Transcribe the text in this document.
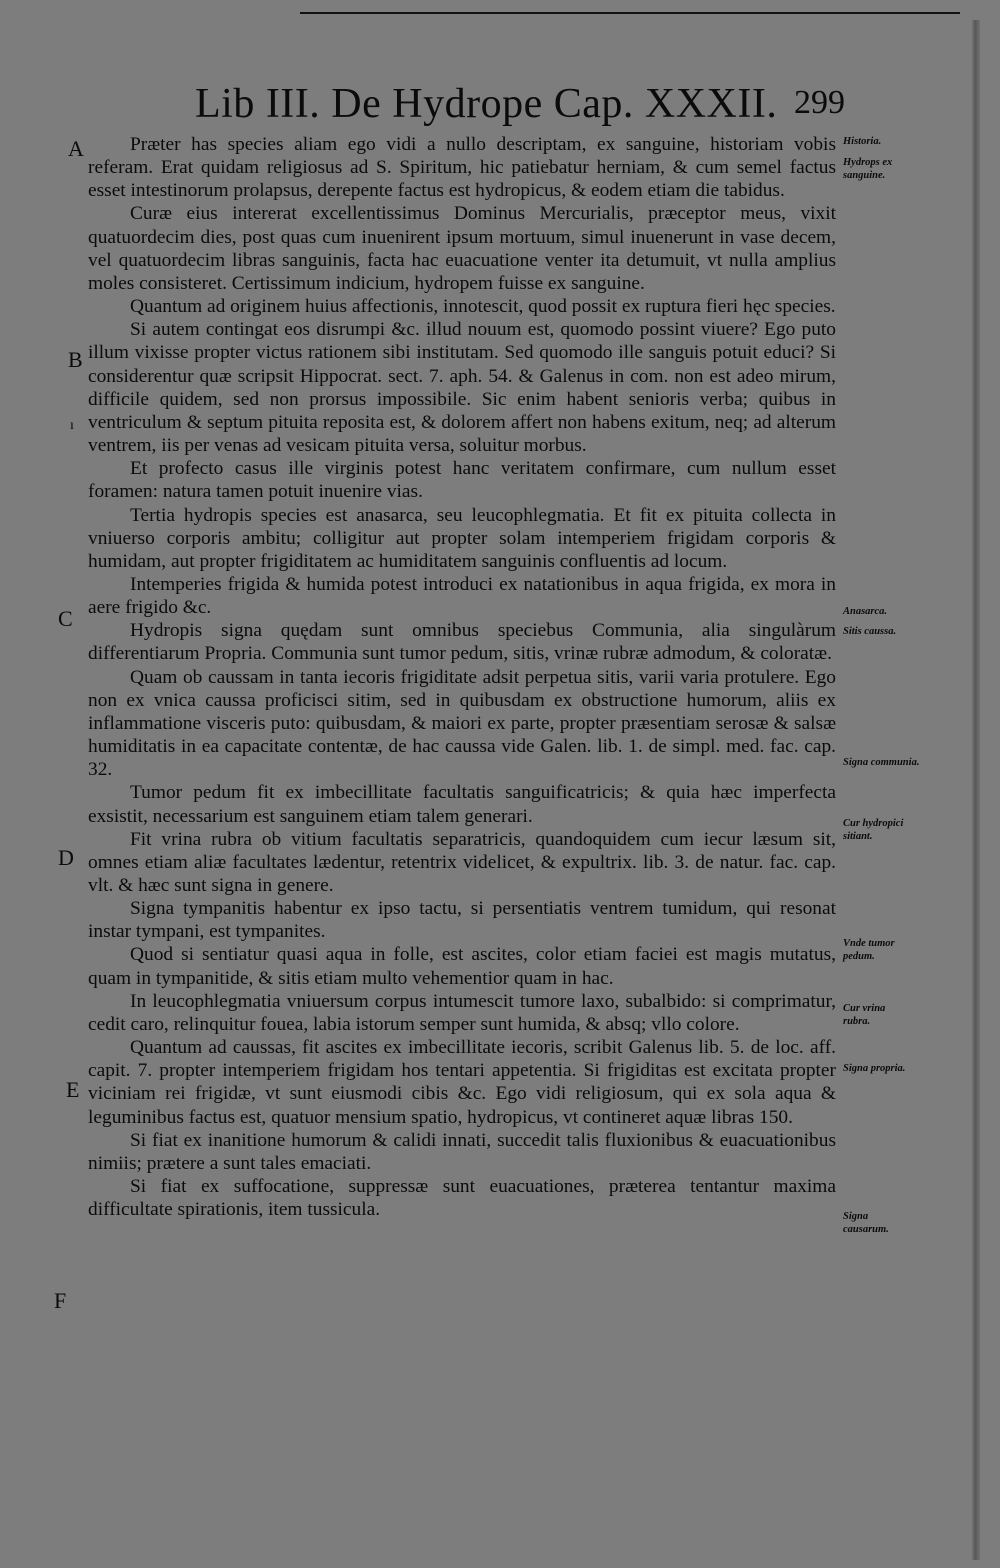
Lib III. De Hydrope Cap. XXXII. 299
A
B
C
D
E
F
ı
Historia.
Hydrops ex sanguine.
Anasarca.
Sitis caussa.
Signa communia.
Cur hydropici sitiant.
Vnde tumor pedum.
Cur vrina rubra.
Signa propria.
Signa causarum.

Præter has species aliam ego vidi a nullo descriptam, ex sanguine, historiam vobis referam. Erat quidam religiosus ad S. Spiritum, hic patiebatur herniam, & cum semel factus esset intestinorum prolapsus, derepente factus est hydropicus, & eodem etiam die tabidus.

Curæ eius intererat excellentissimus Dominus Mercurialis, præceptor meus, vixit quatuordecim dies, post quas cum inuenirent ipsum mortuum, simul inuenerunt in vase decem, vel quatuordecim libras sanguinis, facta hac euacuatione venter ita detumuit, vt nulla amplius moles consisteret. Certissimum indicium, hydropem fuisse ex sanguine.

Quantum ad originem huius affectionis, innotescit, quod possit ex ruptura fieri hęc species.

Si autem contingat eos disrumpi &c. illud nouum est, quomodo possint viuere? Ego puto illum vixisse propter victus rationem sibi institutam. Sed quomodo ille sanguis potuit educi? Si considerentur quæ scripsit Hippocrat. sect. 7. aph. 54. & Galenus in com. non est adeo mirum, difficile quidem, sed non prorsus impossibile. Sic enim habent senioris verba; quibus in ventriculum & septum pituita reposita est, & dolorem affert non habens exitum, neq; ad alterum ventrem, iis per venas ad vesicam pituita versa, soluitur morbus.

Et profecto casus ille virginis potest hanc veritatem confirmare, cum nullum esset foramen: natura tamen potuit inuenire vias.

Tertia hydropis species est anasarca, seu leucophlegmatia. Et fit ex pituita collecta in vniuerso corporis ambitu; colligitur aut propter solam intemperiem frigidam corporis & humidam, aut propter frigiditatem ac humiditatem sanguinis confluentis ad locum.

Intemperies frigida & humida potest introduci ex natationibus in aqua frigida, ex mora in aere frigido &c.

Hydropis signa quędam sunt omnibus speciebus Communia, alia singulàrum differentiarum Propria. Communia sunt tumor pedum, sitis, vrinæ rubræ admodum, & coloratæ.

Quam ob caussam in tanta iecoris frigiditate adsit perpetua sitis, varii varia protulere. Ego non ex vnica caussa proficisci sitim, sed in quibusdam ex obstructione humorum, aliis ex inflammatione visceris puto: quibusdam, & maiori ex parte, propter præsentiam serosæ & salsæ humiditatis in ea capacitate contentæ, de hac caussa vide Galen. lib. 1. de simpl. med. fac. cap. 32.

Tumor pedum fit ex imbecillitate facultatis sanguificatricis; & quia hæc imperfecta exsistit, necessarium est sanguinem etiam talem generari.

Fit vrina rubra ob vitium facultatis separatricis, quandoquidem cum iecur læsum sit, omnes etiam aliæ facultates lædentur, retentrix videlicet, & expultrix. lib. 3. de natur. fac. cap. vlt. & hæc sunt signa in genere.

Signa tympanitis habentur ex ipso tactu, si persentiatis ventrem tumidum, qui resonat instar tympani, est tympanites.

Quod si sentiatur quasi aqua in folle, est ascites, color etiam faciei est magis mutatus, quam in tympanitide, & sitis etiam multo vehementior quam in hac.

In leucophlegmatia vniuersum corpus intumescit tumore laxo, subalbido: si comprimatur, cedit caro, relinquitur fouea, labia istorum semper sunt humida, & absq; vllo colore.

Quantum ad caussas, fit ascites ex imbecillitate iecoris, scribit Galenus lib. 5. de loc. aff. capit. 7. propter intemperiem frigidam hos tentari appetentia. Si frigiditas est excitata propter viciniam rei frigidæ, vt sunt eiusmodi cibis &c. Ego vidi religiosum, qui ex sola aqua & leguminibus factus est, quatuor mensium spatio, hydropicus, vt contineret aquæ libras 150.

Si fiat ex inanitione humorum & calidi innati, succedit talis fluxionibus & euacuationibus nimiis; prætere a sunt tales emaciati.

Si fiat ex suffocatione, suppressæ sunt euacuationes, præterea tentantur maxima difficultate spirationis, item tussicula.
